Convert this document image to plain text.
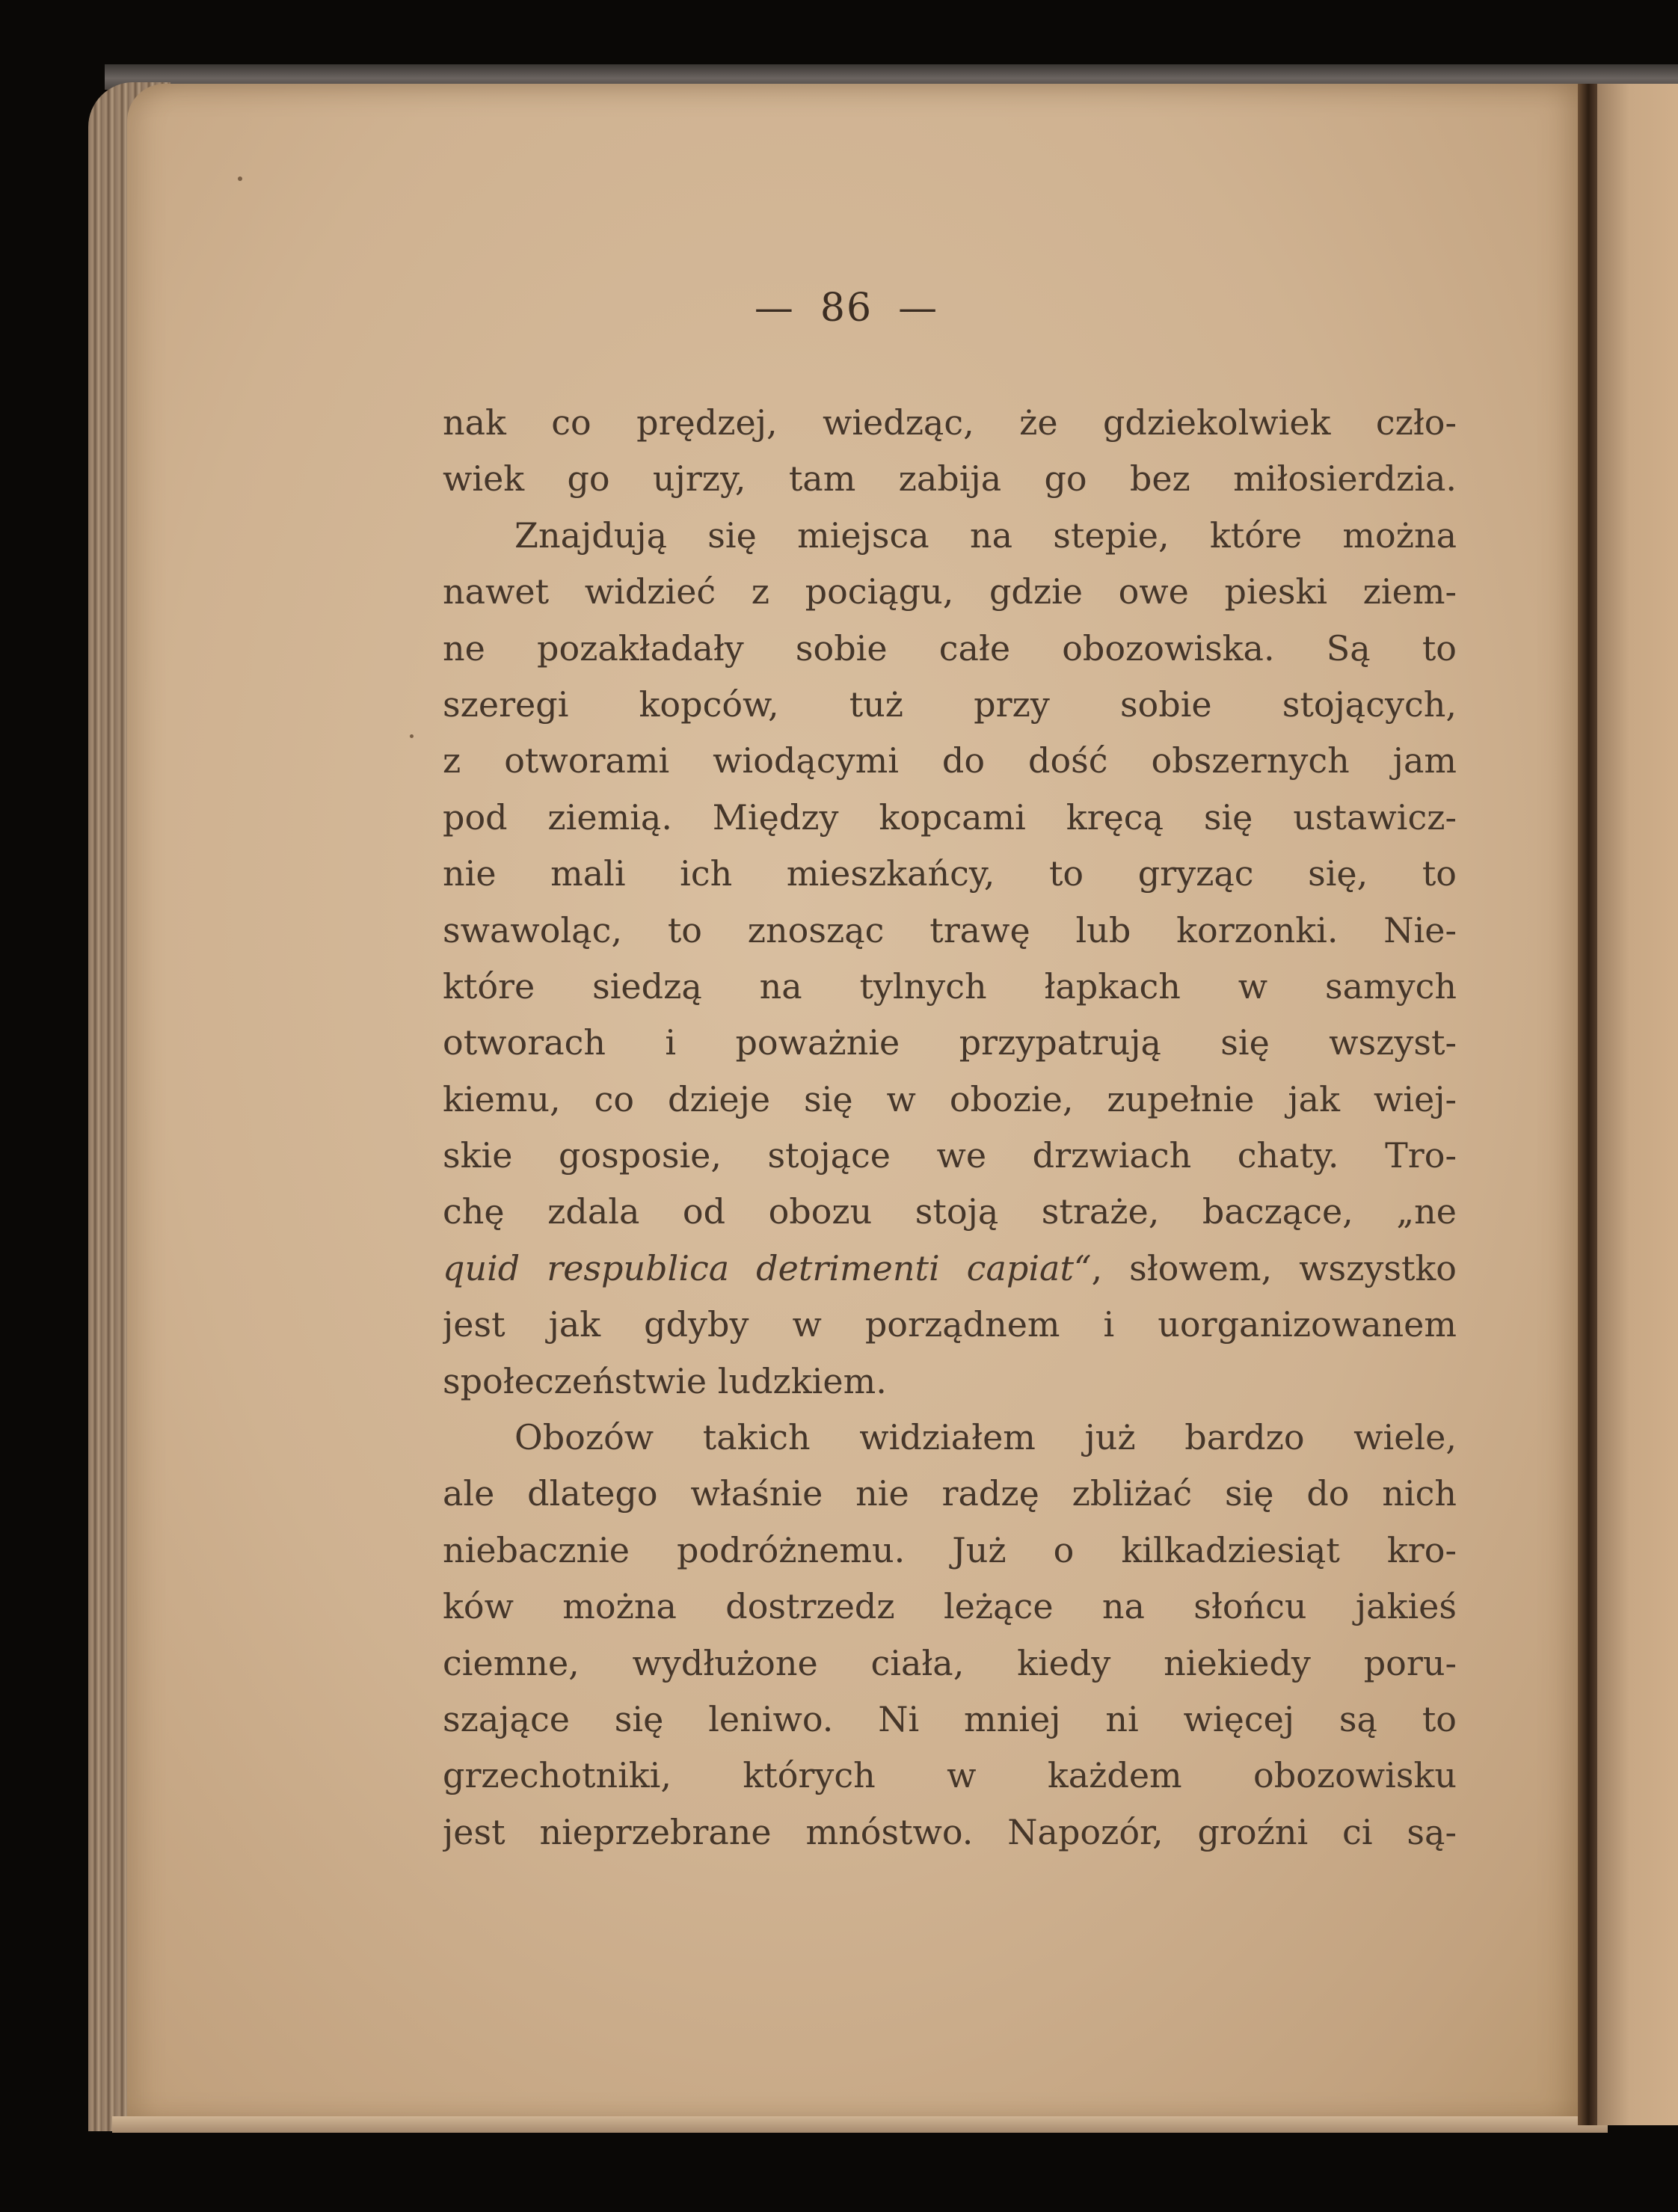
— 86 —
nak co prędzej, wiedząc, że gdziekolwiek czło-
wiek go ujrzy, tam zabija go bez miłosierdzia.
Znajdują się miejsca na stepie, które można
nawet widzieć z pociągu, gdzie owe pieski ziem-
ne pozakładały sobie całe obozowiska. Są to
szeregi kopców, tuż przy sobie stojących,
z otworami wiodącymi do dość obszernych jam
pod ziemią. Między kopcami kręcą się ustawicz-
nie mali ich mieszkańcy, to gryząc się, to
swawoląc, to znosząc trawę lub korzonki. Nie-
które siedzą na tylnych łapkach w samych
otworach i poważnie przypatrują się wszyst-
kiemu, co dzieje się w obozie, zupełnie jak wiej-
skie gosposie, stojące we drzwiach chaty. Tro-
chę zdala od obozu stoją straże, baczące, „ne
quid respublica detrimenti capiat“, słowem, wszystko
jest jak gdyby w porządnem i uorganizowanem
społeczeństwie ludzkiem.
Obozów takich widziałem już bardzo wiele,
ale dlatego właśnie nie radzę zbliżać się do nich
niebacznie podróżnemu. Już o kilkadziesiąt kro-
ków można dostrzedz leżące na słońcu jakieś
ciemne, wydłużone ciała, kiedy niekiedy poru-
szające się leniwo. Ni mniej ni więcej są to
grzechotniki, których w każdem obozowisku
jest nieprzebrane mnóstwo. Napozór, groźni ci są-
